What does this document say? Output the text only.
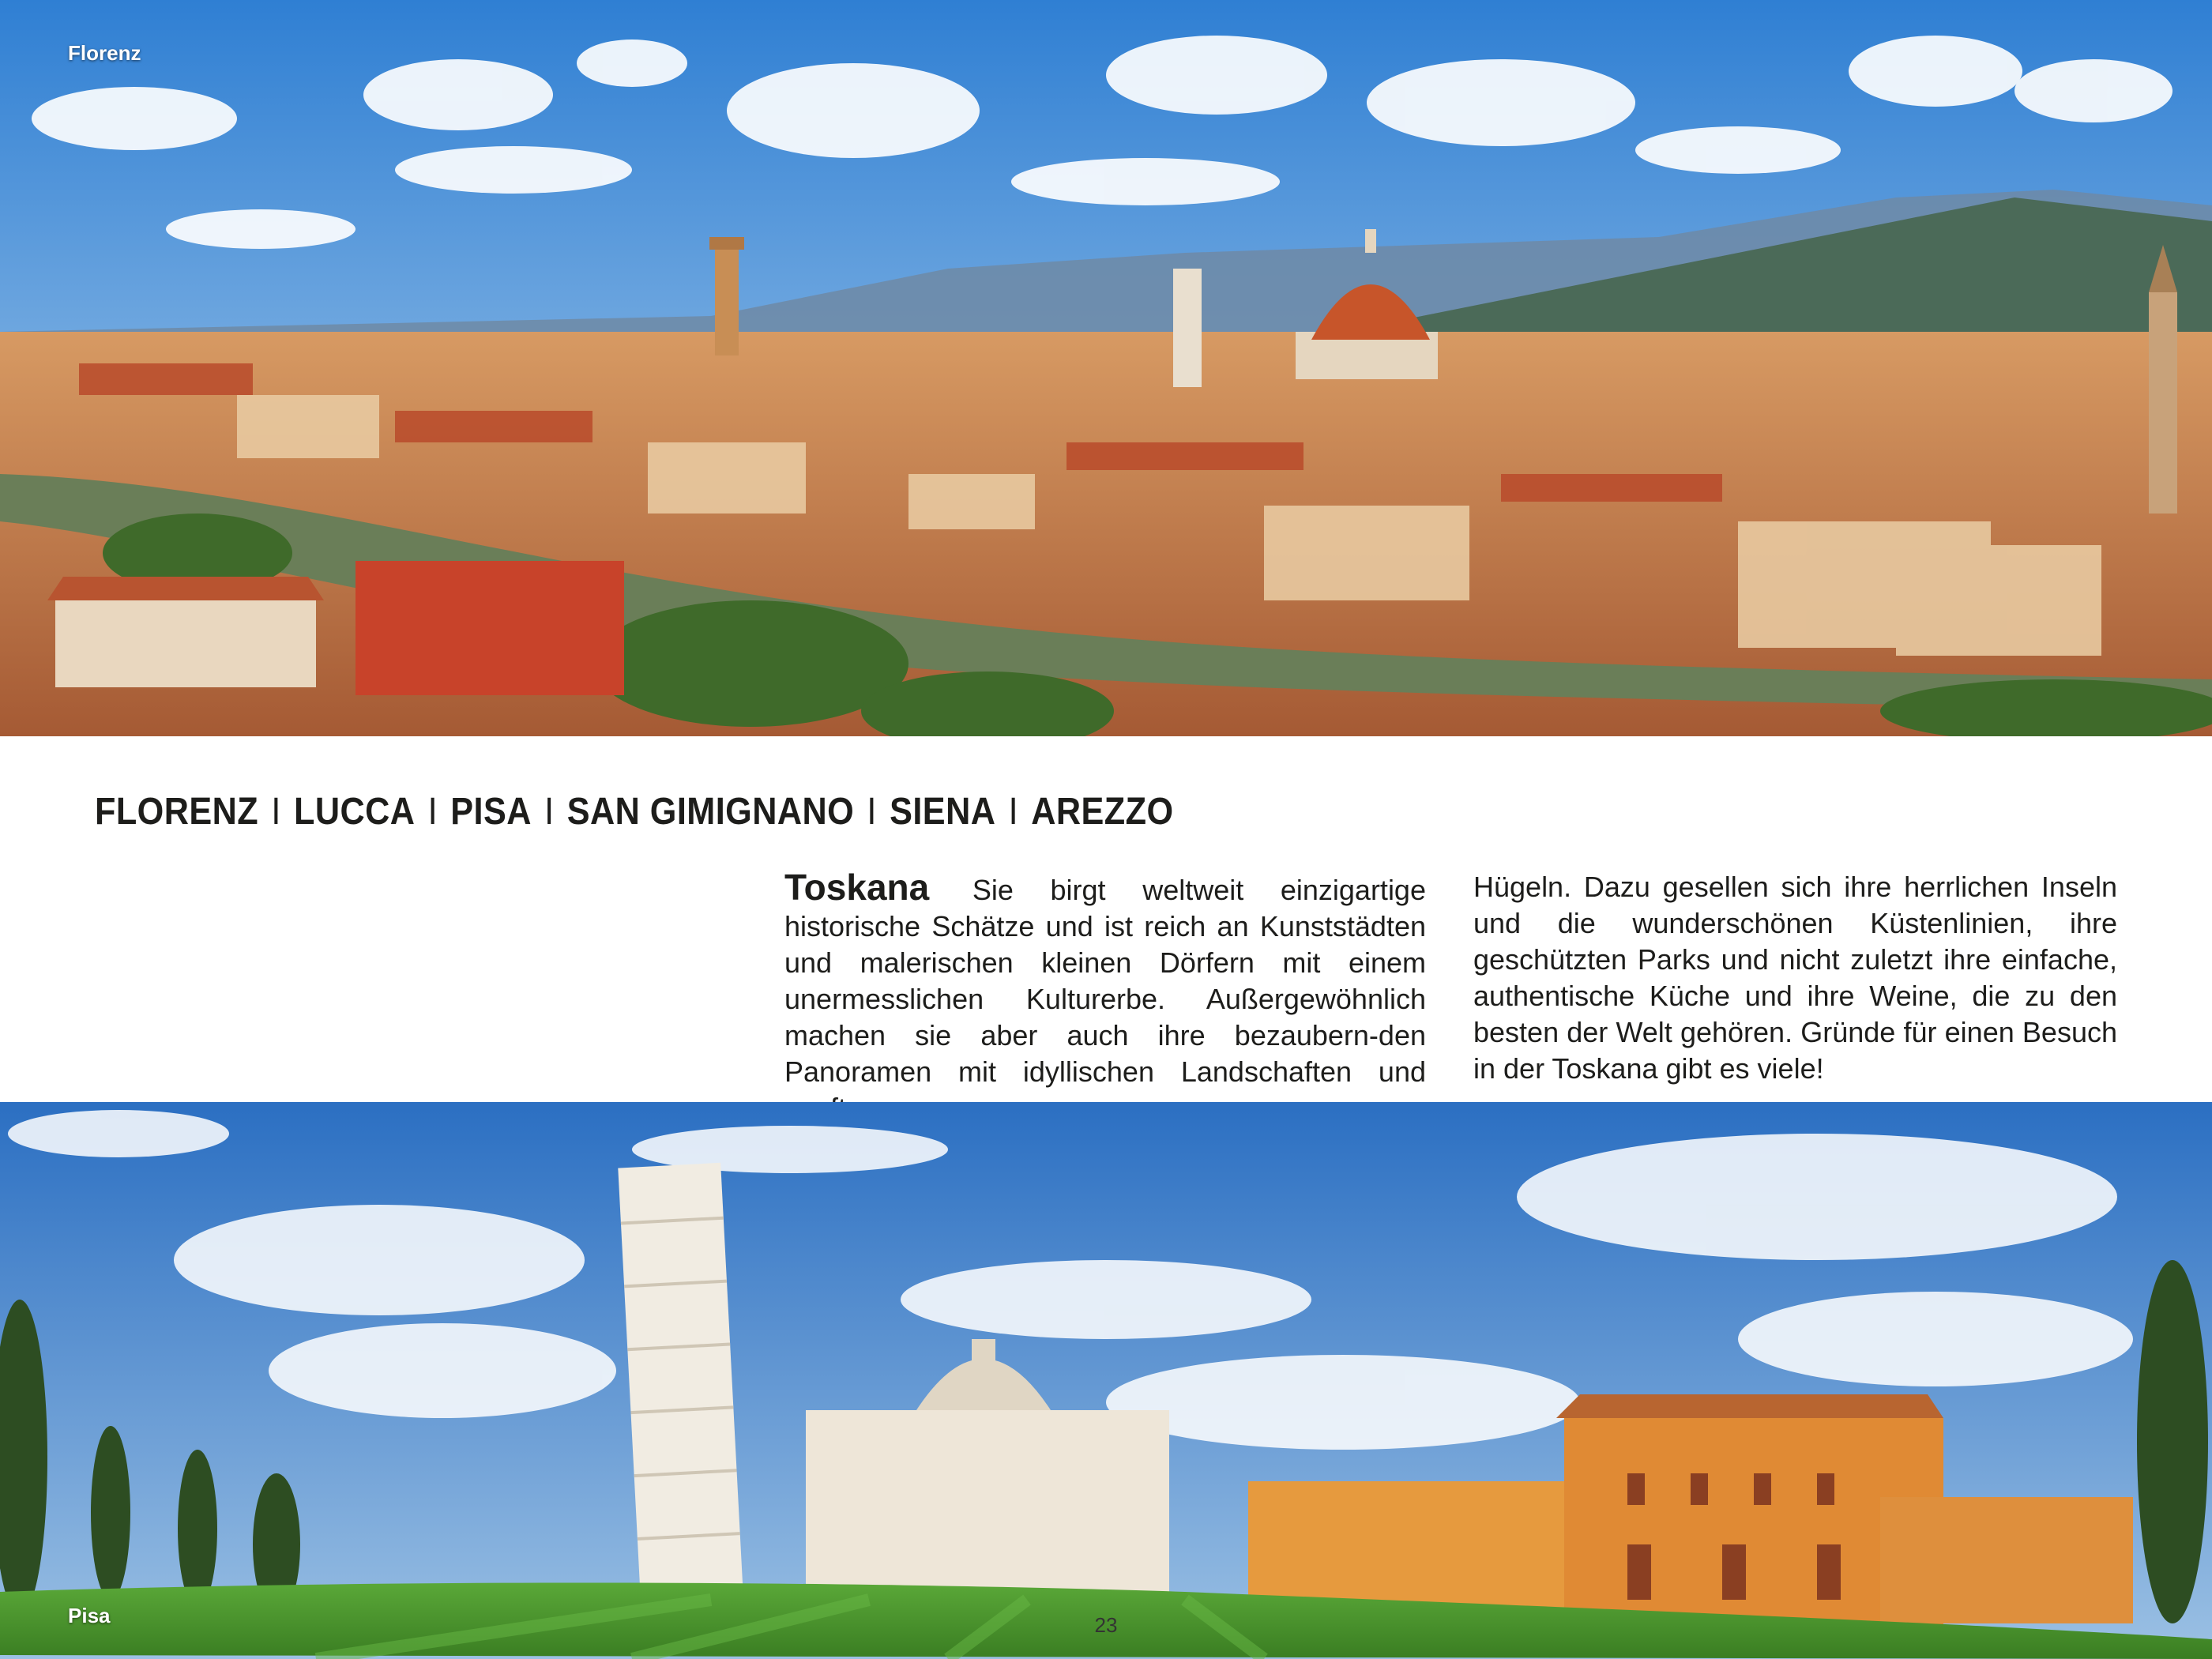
Florenz
FLORENZ I LUCCA I PISA I SAN GIMIGNANO I SIENA I AREZZO
Toskana Sie birgt weltweit einzigartige historische Schätze und ist reich an Kunststädten und malerischen kleinen Dörfern mit einem unermesslichen Kulturerbe. Außergewöhnlich machen sie aber auch ihre bezaubern-den Panoramen mit idyllischen Landschaften und
Hügeln. Dazu gesellen sich ihre herrlichen Inseln und die wunderschönen Küstenlinien, ihre geschützten Parks und nicht zuletzt ihre einfache, authentische Küche und ihre Weine, die zu den besten der Welt gehören. Gründe für einen Besuch in der Toskana gibt es viele!
Pisa	23
